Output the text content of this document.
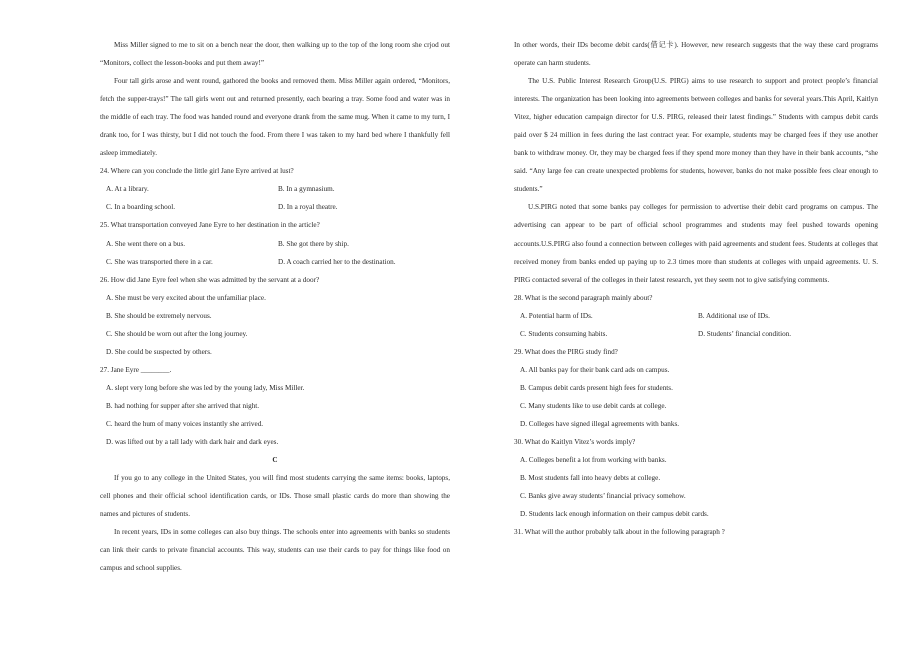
Miss Miller signed to me to sit on a bench near the door, then walking up to the top of the long room she crjod out “Monitors, collect the lesson-books and put them away!”

Four tall girls arose and went round, gathored the books and removed them. Miss Miller again ordered, “Monitors, fetch the supper-trays!” The tall girls went out and returned presently, each bearing a tray. Some food and water was in the middle of each tray. The food was handed round and everyone drank from the same mug. When it came to my turn, I drank too, for I was thirsty, but I did not touch the food. From there I was taken to my hard bed where I thankfully fell asleep immediately.

24. Where can you conclude the little girl Jane Eyre arrived at lust?

A. At a library.	B. In a gymnasium.
C. In a boarding school.	D. In a royal theatre.

25. What transportation conveyed Jane Eyre to her destination in the article?

A. She went there on a bus.	B. She got there by ship.
C. She was transported there in a car.	D. A coach carried her to the destination.

26. How did Jane Eyre feel when she was admitted by the servant at a door?

A. She must be very excited about the unfamiliar place.

B. She should be extremely nervous.

C. She should be worn out after the long journey.

D. She could be suspected by others.

27. Jane Eyre ________.

A. slept very long before she was led by the young lady, Miss Miller.

B. had nothing for supper after she arrived that night.

C. heard the hum of many voices instantly she arrived.

D. was lifted out by a tall lady with dark hair and dark eyes.

C

If you go to any college in the United States, you will find most students carrying the same items: books, laptops, cell phones and their official school identification cards, or IDs. Those small plastic cards do more than showing the names and pictures of students.

In recent years, IDs in some colleges can also buy things. The schools enter into agreements with banks so students can link their cards to private financial accounts. This way, students can use their cards to pay for things like food on campus and school supplies.

In other words, their IDs become debit cards(借记卡). However, new research suggests that the way these card programs operate can harm students.

The U.S. Public Interest Research Group(U.S. PIRG) aims to use research to support and protect people’s financial interests. The organization has been looking into agreements between colleges and banks for several years.This April, Kaitlyn Vitez, higher education campaign director for U.S. PIRG, released their latest findings.” Students with campus debit cards paid over $ 24 million in fees during the last contract year. For example, students may be charged fees if they use another bank to withdraw money. Or, they may be charged fees if they spend more money than they have in their bank accounts, “she said. “Any large fee can create unexpected problems for students, however, banks do not make possible fees clear enough to students.”

U.S.PIRG noted that some banks pay colleges for permission to advertise their debit card programs on campus. The advertising can appear to be part of official school programmes and students may feel pushed towards opening accounts.U.S.PIRG also found a connection between colleges with paid agreements and student fees. Students at colleges that received money from banks ended up paying up to 2.3 times more than students at colleges with unpaid agreements. U. S. PIRG contacted several of the colleges in their latest research, yet they seem not to give satisfying comments.

28. What is the second paragraph mainly about?

A. Potential harm of IDs.	B. Additional use of IDs.
C. Students consuming habits.	D. Students’ financial condition.

29. What does the PIRG study find?

A. All banks pay for their bank card ads on campus.

B. Campus debit cards present high fees for students.

C. Many students like to use debit cards at college.

D. Colleges have signed illegal agreements with banks.

30. What do Kaitlyn Vitez’s words imply?

A. Colleges benefit a lot from working with banks.

B. Most students fall into heavy debts at college.

C. Banks give away students’ financial privacy somehow.

D. Students lack enough information on their campus debit cards.

31. What will the author probably talk about in the following paragraph ?
